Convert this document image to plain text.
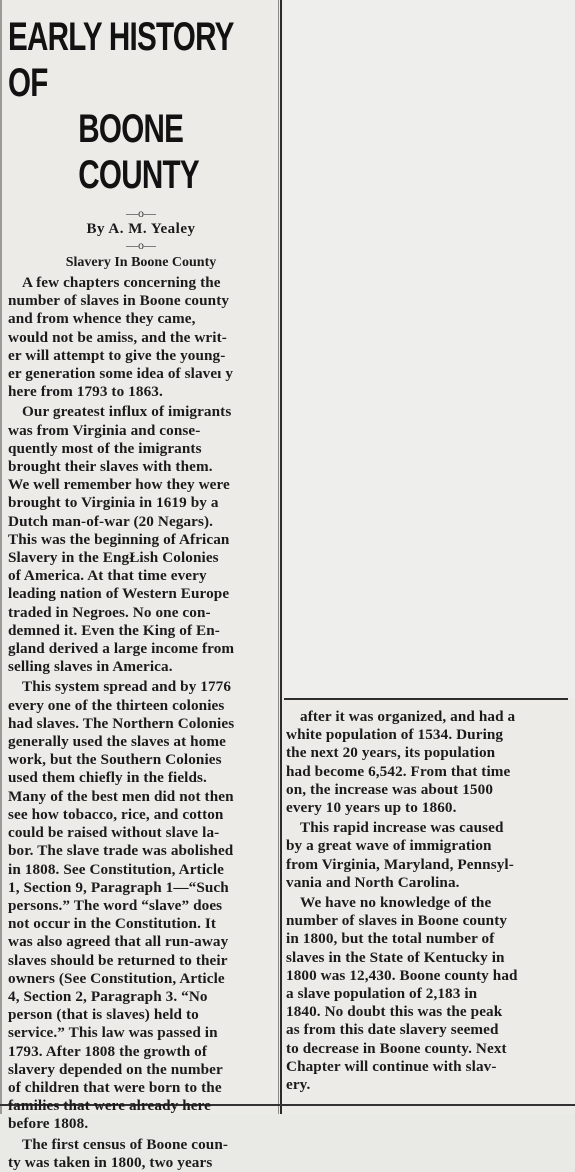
EARLY HISTORY OF
BOONE COUNTY

—o—

By A. M. Yealey

—o—

Slavery In Boone County

A few chapters concerning the
number of slaves in Boone county
and from whence they came,
would not be amiss, and the writ-
er will attempt to give the young-
er generation some idea of slaveı y
here from 1793 to 1863.

Our greatest influx of imigrants
was from Virginia and conse-
quently most of the imigrants
brought their slaves with them.
We well remember how they were
brought to Virginia in 1619 by a
Dutch man-of-war (20 Negars).
This was the beginning of African
Slavery in the EngŁish Colonies
of America. At that time every
leading nation of Western Europe
traded in Negroes. No one con-
demned it. Even the King of En-
gland derived a large income from
selling slaves in America.

This system spread and by 1776
every one of the thirteen colonies
had slaves. The Northern Colonies
generally used the slaves at home
work, but the Southern Colonies
used them chiefly in the fields.
Many of the best men did not then
see how tobacco, rice, and cotton
could be raised without slave la-
bor. The slave trade was abolished
in 1808. See Constitution, Article
1, Section 9, Paragraph 1—“Such
persons.” The word “slave” does
not occur in the Constitution. It
was also agreed that all run-away
slaves should be returned to their
owners (See Constitution, Article
4, Section 2, Paragraph 3. “No
person (that is slaves) held to
service.” This law was passed in
1793. After 1808 the growth of
slavery depended on the number
of children that were born to the
families that were already here
before 1808.

The first census of Boone coun-
ty was taken in 1800, two years

after it was organized, and had a
white population of 1534. During
the next 20 years, its population
had become 6,542. From that time
on, the increase was about 1500
every 10 years up to 1860.

This rapid increase was caused
by a great wave of immigration
from Virginia, Maryland, Pennsyl-
vania and North Carolina.

We have no knowledge of the
number of slaves in Boone county
in 1800, but the total number of
slaves in the State of Kentucky in
1800 was 12,430. Boone county had
a slave population of 2,183 in
1840. No doubt this was the peak
as from this date slavery seemed
to decrease in Boone county. Next
Chapter will continue with slav-
ery.
